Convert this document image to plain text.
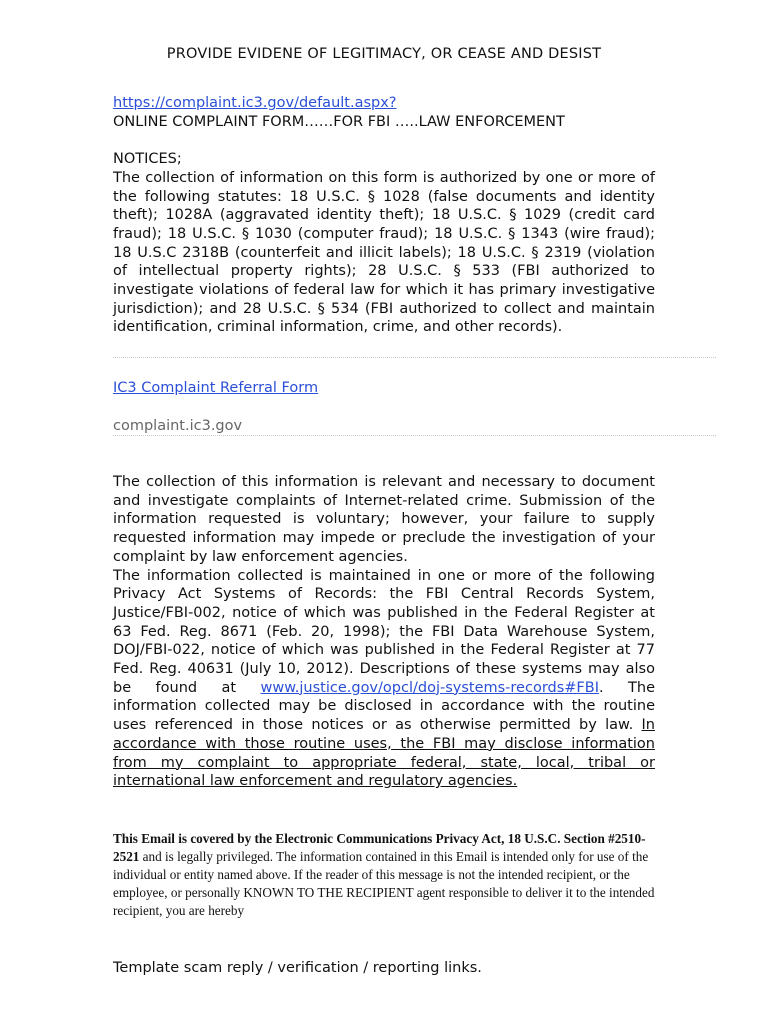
PROVIDE EVIDENE OF LEGITIMACY, OR CEASE AND DESIST
https://complaint.ic3.gov/default.aspx?
ONLINE COMPLAINT FORM……FOR FBI …..LAW ENFORCEMENT
NOTICES;
The collection of information on this form is authorized by one or more of the following statutes: 18 U.S.C. § 1028 (false documents and identity theft); 1028A (aggravated identity theft); 18 U.S.C. § 1029 (credit card fraud); 18 U.S.C. § 1030 (computer fraud); 18 U.S.C. § 1343 (wire fraud); 18 U.S.C 2318B (counterfeit and illicit labels); 18 U.S.C. § 2319 (violation of intellectual property rights); 28 U.S.C. § 533 (FBI authorized to investigate violations of federal law for which it has primary investigative jurisdiction); and 28 U.S.C. § 534 (FBI authorized to collect and maintain identification, criminal information, crime, and other records).
IC3 Complaint Referral Form
complaint.ic3.gov
The collection of this information is relevant and necessary to document and investigate complaints of Internet-related crime. Submission of the information requested is voluntary; however, your failure to supply requested information may impede or preclude the investigation of your complaint by law enforcement agencies.
The information collected is maintained in one or more of the following Privacy Act Systems of Records: the FBI Central Records System, Justice/FBI-002, notice of which was published in the Federal Register at 63 Fed. Reg. 8671 (Feb. 20, 1998); the FBI Data Warehouse System, DOJ/FBI-022, notice of which was published in the Federal Register at 77 Fed. Reg. 40631 (July 10, 2012). Descriptions of these systems may also be found at www.justice.gov/opcl/doj-systems-records#FBI. The information collected may be disclosed in accordance with the routine uses referenced in those notices or as otherwise permitted by law. In accordance with those routine uses, the FBI may disclose information from my complaint to appropriate federal, state, local, tribal or international law enforcement and regulatory agencies.
This Email is covered by the Electronic Communications Privacy Act, 18 U.S.C. Section #2510-2521 and is legally privileged. The information contained in this Email is intended only for use of the individual or entity named above. If the reader of this message is not the intended recipient, or the employee, or personally KNOWN TO THE RECIPIENT agent responsible to deliver it to the intended recipient, you are hereby
Template scam reply / verification / reporting links.
